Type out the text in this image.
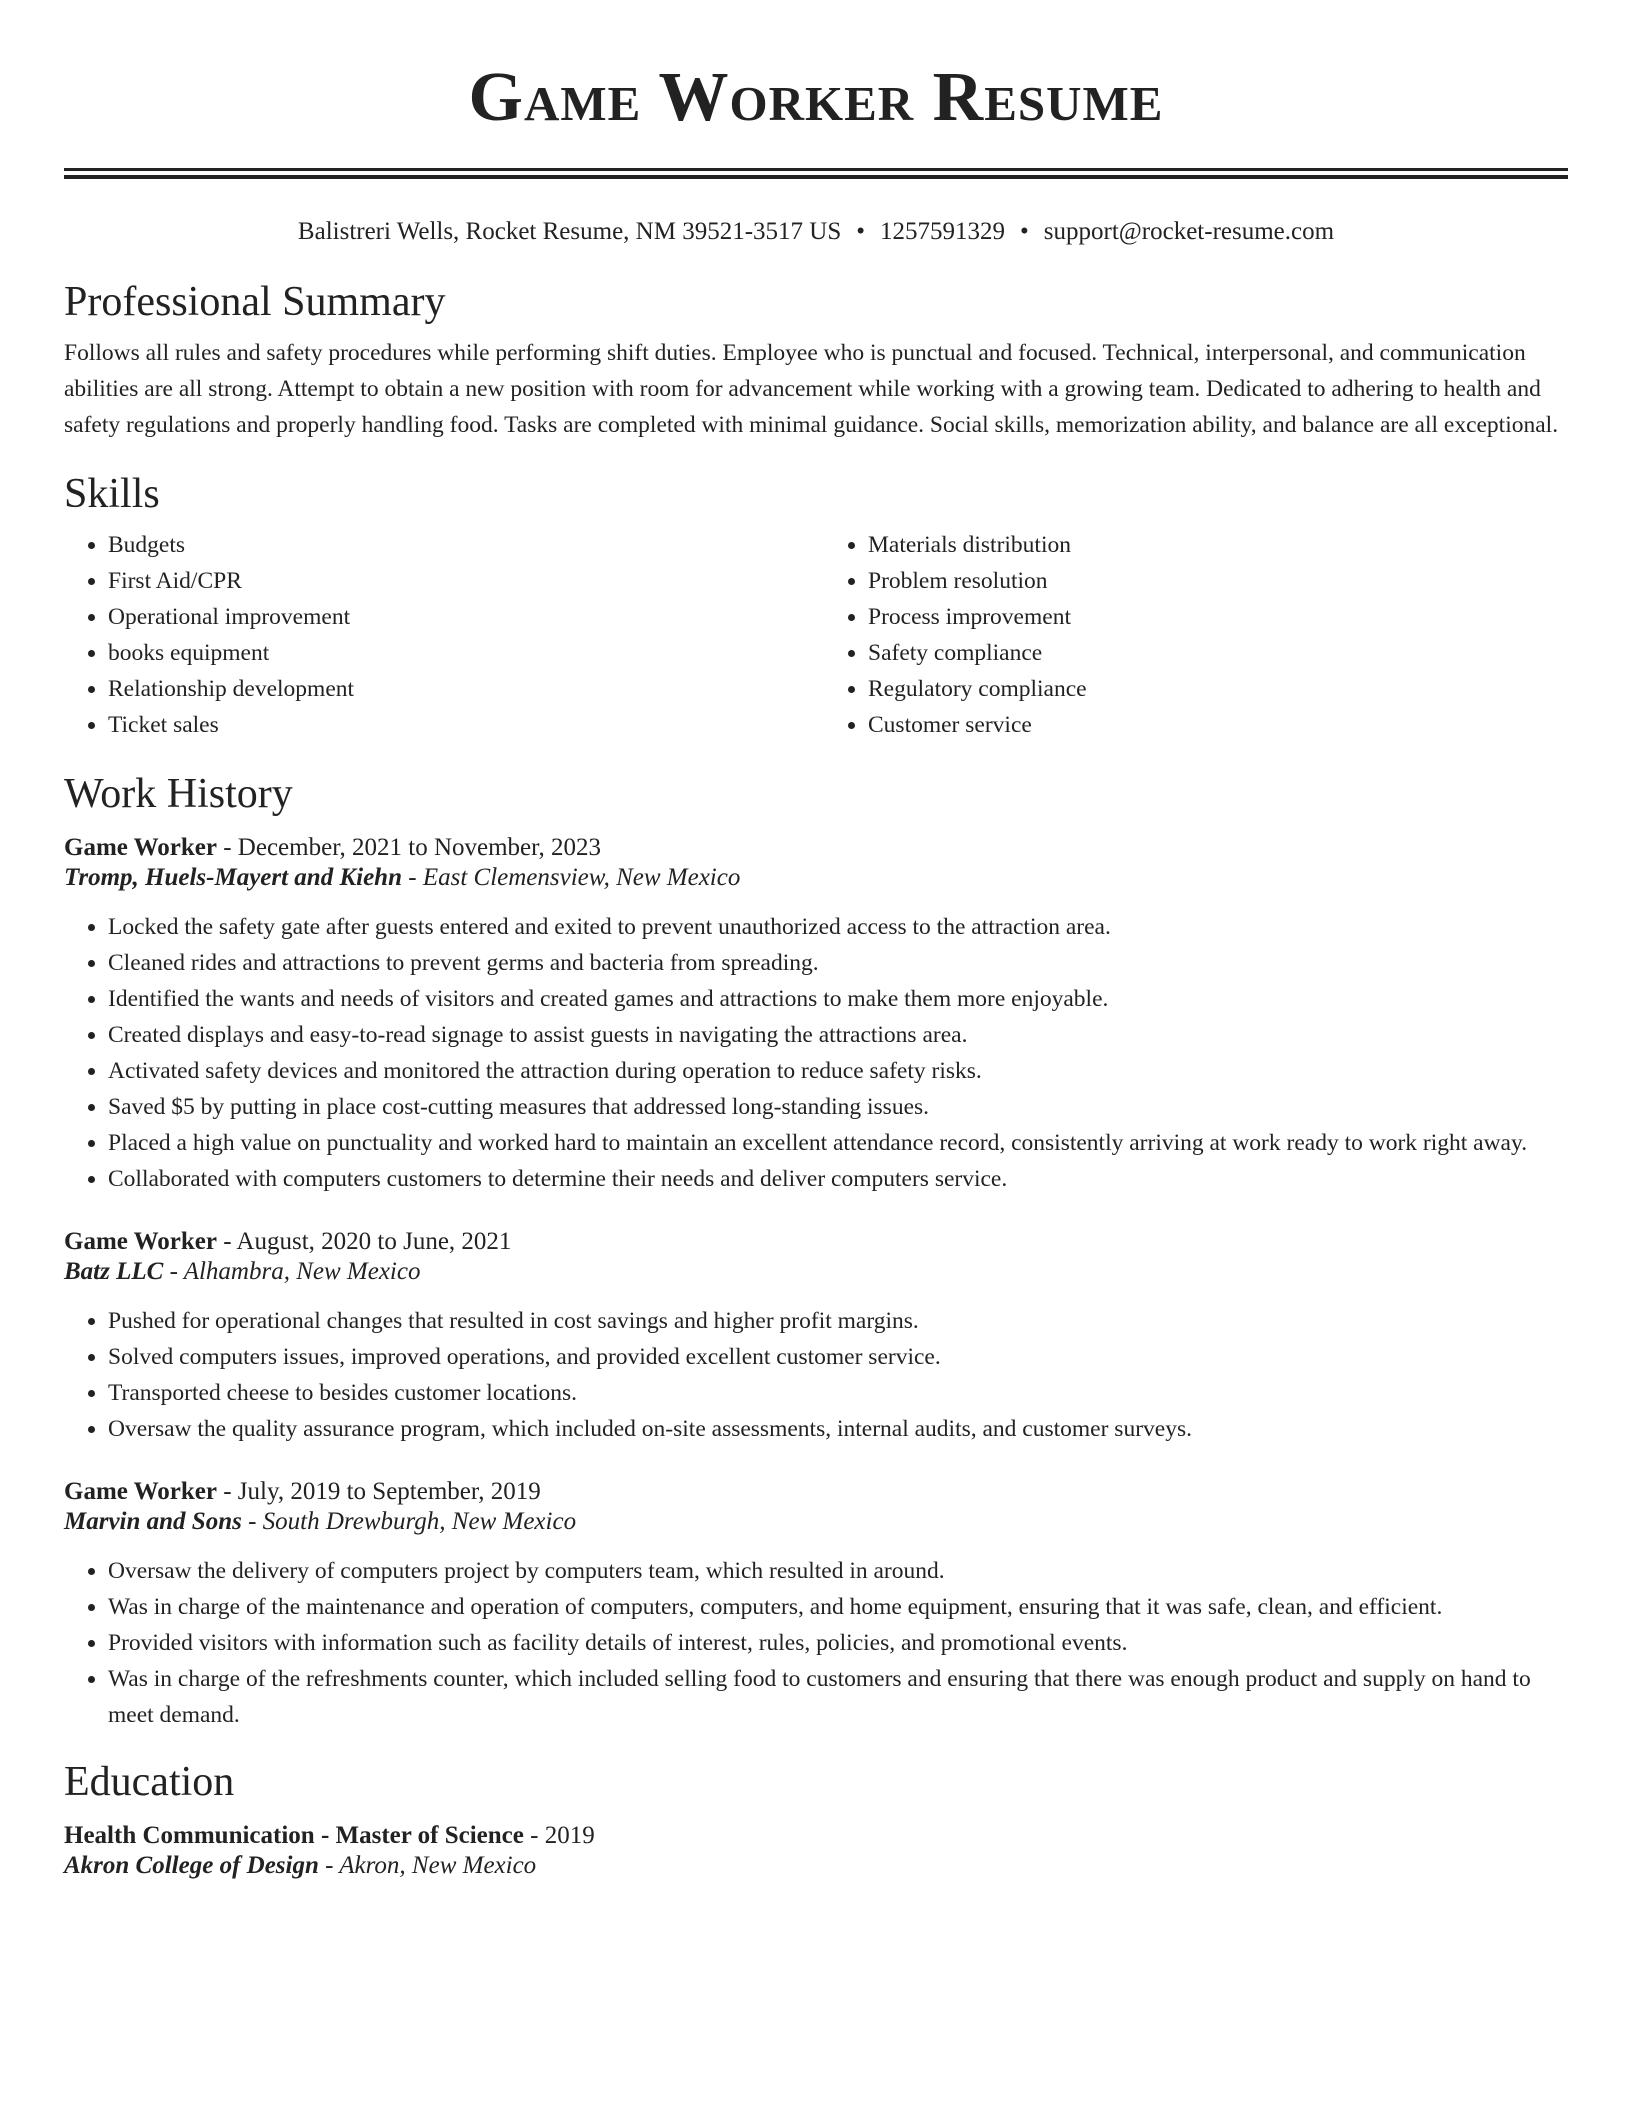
Game Worker Resume
Balistreri Wells, Rocket Resume, NM 39521-3517 US • 1257591329 • support@rocket-resume.com
Professional Summary

Follows all rules and safety procedures while performing shift duties. Employee who is punctual and focused. Technical, interpersonal, and communication abilities are all strong. Attempt to obtain a new position with room for advancement while working with a growing team. Dedicated to adhering to health and safety regulations and properly handling food. Tasks are completed with minimal guidance. Social skills, memorization ability, and balance are all exceptional.

Skills
• Budgets
• First Aid/CPR
• Operational improvement
• books equipment
• Relationship development
• Ticket sales
• Materials distribution
• Problem resolution
• Process improvement
• Safety compliance
• Regulatory compliance
• Customer service
Work History

Game Worker - December, 2021 to November, 2023

Tromp, Huels-Mayert and Kiehn - East Clemensview, New Mexico

• Locked the safety gate after guests entered and exited to prevent unauthorized access to the attraction area.
• Cleaned rides and attractions to prevent germs and bacteria from spreading.
• Identified the wants and needs of visitors and created games and attractions to make them more enjoyable.
• Created displays and easy-to-read signage to assist guests in navigating the attractions area.
• Activated safety devices and monitored the attraction during operation to reduce safety risks.
• Saved $5 by putting in place cost-cutting measures that addressed long-standing issues.
• Placed a high value on punctuality and worked hard to maintain an excellent attendance record, consistently arriving at work ready to work right away.
• Collaborated with computers customers to determine their needs and deliver computers service.

Game Worker - August, 2020 to June, 2021

Batz LLC - Alhambra, New Mexico

• Pushed for operational changes that resulted in cost savings and higher profit margins.
• Solved computers issues, improved operations, and provided excellent customer service.
• Transported cheese to besides customer locations.
• Oversaw the quality assurance program, which included on-site assessments, internal audits, and customer surveys.

Game Worker - July, 2019 to September, 2019

Marvin and Sons - South Drewburgh, New Mexico

• Oversaw the delivery of computers project by computers team, which resulted in around.
• Was in charge of the maintenance and operation of computers, computers, and home equipment, ensuring that it was safe, clean, and efficient.
• Provided visitors with information such as facility details of interest, rules, policies, and promotional events.
• Was in charge of the refreshments counter, which included selling food to customers and ensuring that there was enough product and supply on hand to meet demand.
Education

Health Communication - Master of Science - 2019

Akron College of Design - Akron, New Mexico
